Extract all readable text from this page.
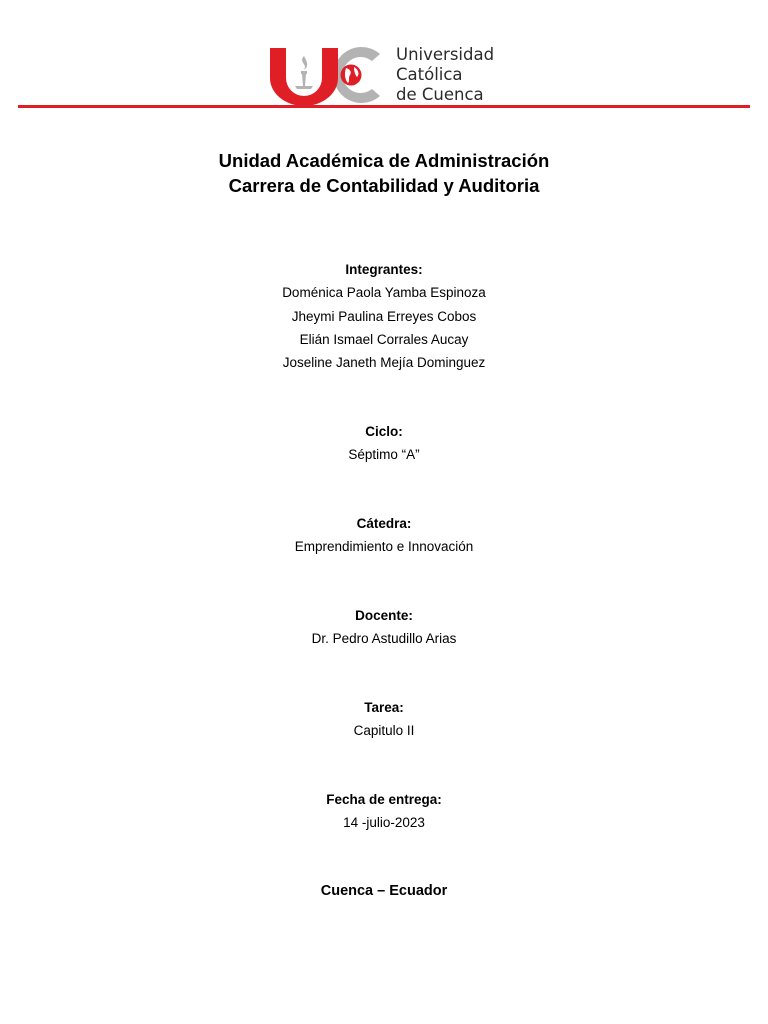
Universidad
Católica
de Cuenca
Unidad Académica de Administración
Carrera de Contabilidad y Auditoria
Integrantes:
Doménica Paola Yamba Espinoza
Jheymi Paulina Erreyes Cobos
Elián Ismael Corrales Aucay
Joseline Janeth Mejía Dominguez
Ciclo:
Séptimo “A”
Cátedra:
Emprendimiento e Innovación
Docente:
Dr. Pedro Astudillo Arias
Tarea:
Capitulo II
Fecha de entrega:
14 -julio-2023
Cuenca – Ecuador
